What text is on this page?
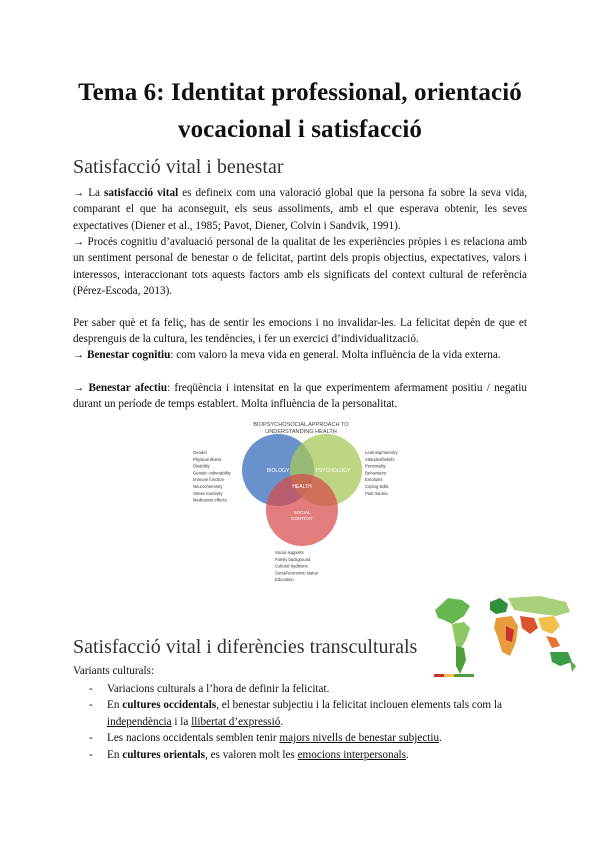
Tema 6: Identitat professional, orientació
vocacional i satisfacció
Satisfacció vital i benestar

→ La satisfacció vital es defineix com una valoració global que la persona fa sobre la seva vida, comparant el que ha aconseguit, els seus assoliments, amb el que esperava obtenir, les seves expectatives (Diener et al., 1985; Pavot, Diener, Colvin i Sandvik, 1991).

→ Procés cognitiu d’avaluació personal de la qualitat de les experiències pròpies i es relaciona amb un sentiment personal de benestar o de felicitat, partint dels propis objectius, expectatives, valors i interessos, interaccionant tots aquests factors amb els significats del context cultural de referència (Pérez-Escoda, 2013).

Per saber què et fa feliç, has de sentir les emocions i no invalidar-les. La felicitat depèn de que et desprenguis de la cultura, les tendències, i fer un exercici d’individualització.

→ Benestar cognitiu: com valoro la meva vida en general. Molta influència de la vida externa.

→ Benestar afectiu: freqüència i intensitat en la que experimentem afermament positiu / negatiu durant un període de temps establert. Molta influència de la personalitat.

BIOPSYCHOSOCIAL APPROACH TO
UNDERSTANDING HEALTH
BIOLOGY	PSYCHOLOGY
HEALTH
SOCIAL
CONTEXT
Gender
Physical illness
Disability
Genetic vulnerability
Immune function
Neurochemistry
Stress reactivity
Medication effects
Learning/memory
Attitudes/beliefs
Personality
Behaviours
Emotions
Coping skills
Past trauma
Social supports
Family background
Cultural traditions
Social/economic status
Education
Satisfacció vital i diferències transculturals
Variants culturals:
- Variacions culturals a l’hora de definir la felicitat.
- En cultures occidentals, el benestar subjectiu i la felicitat inclouen elements tals com la independència i la llibertat d’expressió.
- Les nacions occidentals semblen tenir majors nivells de benestar subjectiu.
- En cultures orientals, es valoren molt les emocions interpersonals.
